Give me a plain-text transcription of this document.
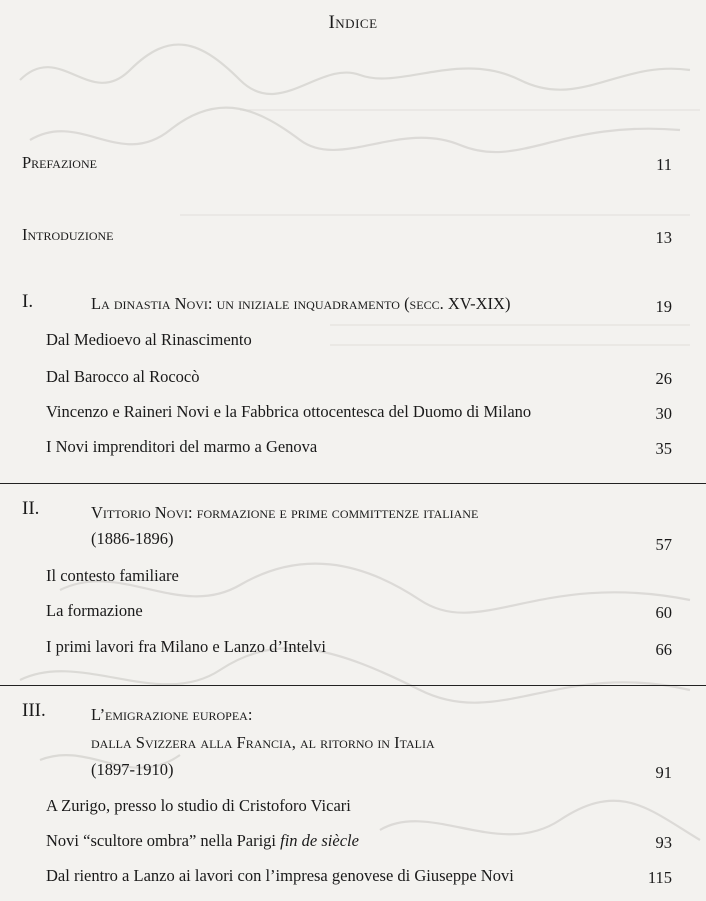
Indice
Prefazione	11
Introduzione	13
I.	La dinastia Novi: un iniziale inquadramento (secc. XV-XIX)	19
Dal Medioevo al Rinascimento
Dal Barocco al Rococò	26
Vincenzo e Raineri Novi e la Fabbrica ottocentesca del Duomo di Milano	30
I Novi imprenditori del marmo a Genova	35
II.	Vittorio Novi: formazione e prime committenze italiane
(1886-1896)	57
Il contesto familiare
La formazione	60
I primi lavori fra Milano e Lanzo d’Intelvi	66
III.	L’emigrazione europea:
dalla Svizzera alla Francia, al ritorno in Italia
(1897-1910)	91
A Zurigo, presso lo studio di Cristoforo Vicari
Novi “scultore ombra” nella Parigi fin de siècle	93
Dal rientro a Lanzo ai lavori con l’impresa genovese di Giuseppe Novi	115
